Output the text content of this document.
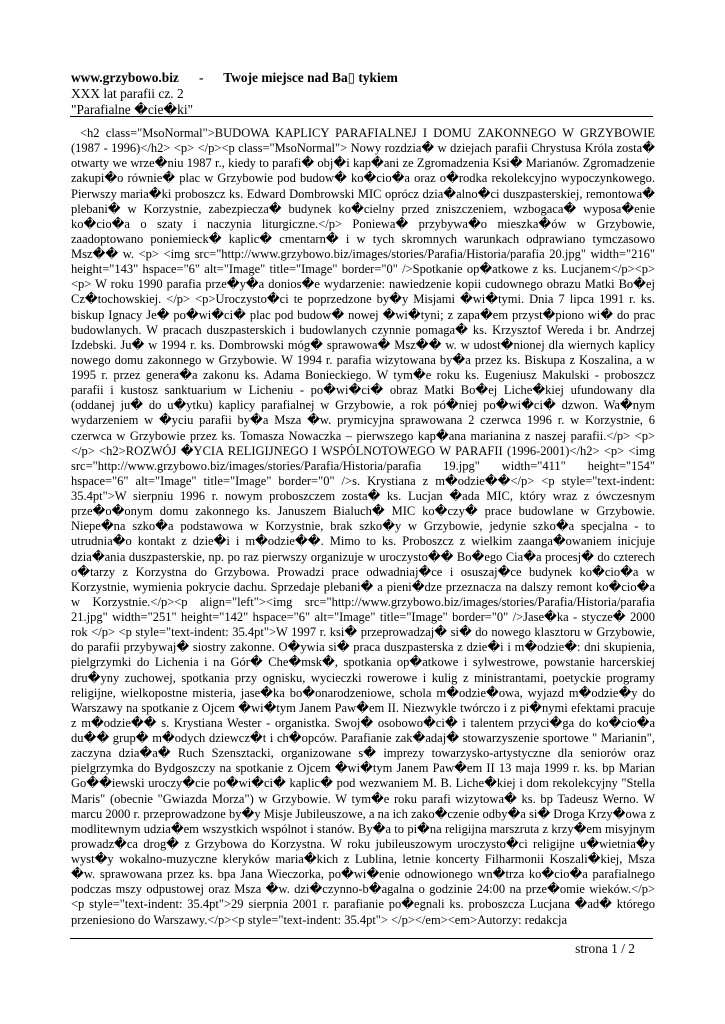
www.grzybowo.biz - Twoje miejsce nad Ba▯ tykiem
XXX lat parafii cz. 2
"Parafialne �cie�ki"

<h2 class="MsoNormal">BUDOWA KAPLICY PARAFIALNEJ I DOMU ZAKONNEGO W GRZYBOWIE (1987 - 1996)</h2> <p> </p><p class="MsoNormal"> Nowy rozdzia� w dziejach parafii Chrystusa Króla zosta� otwarty we wrze�niu 1987 r., kiedy to parafi� obj�i kap�ani ze Zgromadzenia Ksi� Marianów. Zgromadzenie zakupi�o równie� plac w Grzybowie pod budow� ko�cio�a oraz o�rodka rekolekcyjno wypoczynkowego. Pierwszy maria�ki proboszcz ks. Edward Dombrowski MIC oprócz dzia�alno�ci duszpasterskiej, remontowa� plebani� w Korzystnie, zabezpiecza� budynek ko�cielny przed zniszczeniem, wzbogaca� wyposa�enie ko�cio�a o szaty i naczynia liturgiczne.</p> Poniewa� przybywa�o mieszka�ów w Grzybowie, zaadoptowano poniemieck� kaplic� cmentarn� i w tych skromnych warunkach odprawiano tymczasowo Msz�� w. <p> <img src="http://www.grzybowo.biz/images/stories/Parafia/Historia/parafia 20.jpg" width="216" height="143" hspace="6" alt="Image" title="Image" border="0" />Spotkanie op�atkowe z ks. Lucjanem</p><p> <p> W roku 1990 parafia prze�y�a donios�e wydarzenie: nawiedzenie kopii cudownego obrazu Matki Bo�ej Cz�tochowskiej. </p> <p>Uroczysto�ci te poprzedzone by�y Misjami �wi�tymi. Dnia 7 lipca 1991 r. ks. biskup Ignacy Je� po�wi�ci� plac pod budow� nowej �wi�tyni; z zapa�em przyst�piono wi� do prac budowlanych. W pracach duszpasterskich i budowlanych czynnie pomaga� ks. Krzysztof Wereda i br. Andrzej Izdebski. Ju� w 1994 r. ks. Dombrowski móg� sprawowa� Msz�� w. w udost�nionej dla wiernych kaplicy nowego domu zakonnego w Grzybowie. W 1994 r. parafia wizytowana by�a przez ks. Biskupa z Koszalina, a w 1995 r. przez genera�a zakonu ks. Adama Bonieckiego. W tym�e roku ks. Eugeniusz Makulski - proboszcz parafii i kustosz sanktuarium w Licheniu - po�wi�ci� obraz Matki Bo�ej Liche�kiej ufundowany dla (oddanej ju� do u�ytku) kaplicy parafialnej w Grzybowie, a rok pó�niej po�wi�ci� dzwon. Wa�nym wydarzeniem w �yciu parafii by�a Msza �w. prymicyjna sprawowana 2 czerwca 1996 r. w Korzystnie, 6 czerwca w Grzybowie przez ks. Tomasza Nowaczka – pierwszego kap�ana marianina z naszej parafii.</p> <p> </p> <h2>ROZWÓJ �YCIA RELIGIJNEGO I WSPÓLNOTOWEGO W PARAFII (1996-2001)</h2> <p> <img src="http://www.grzybowo.biz/images/stories/Parafia/Historia/parafia 19.jpg" width="411" height="154" hspace="6" alt="Image" title="Image" border="0" />s. Krystiana z m�odzie��</p> <p style="text-indent: 35.4pt">W sierpniu 1996 r. nowym proboszczem zosta� ks. Lucjan �ada MIC, który wraz z ówczesnym prze�o�onym domu zakonnego ks. Januszem Bialuch� MIC ko�czy� prace budowlane w Grzybowie. Niepe�na szko�a podstawowa w Korzystnie, brak szko�y w Grzybowie, jedynie szko�a specjalna - to utrudnia�o kontakt z dzie�i i m�odzie��. Mimo to ks. Proboszcz z wielkim zaanga�owaniem inicjuje dzia�ania duszpasterskie, np. po raz pierwszy organizuje w uroczysto�� Bo�ego Cia�a procesj� do czterech o�tarzy z Korzystna do Grzybowa. Prowadzi prace odwadniaj�ce i osuszaj�ce budynek ko�cio�a w Korzystnie, wymienia pokrycie dachu. Sprzedaje plebani� a pieni�dze przeznacza na dalszy remont ko�cio�a w Korzystnie.</p><p align="left"><img src="http://www.grzybowo.biz/images/stories/Parafia/Historia/parafia 21.jpg" width="251" height="142" hspace="6" alt="Image" title="Image" border="0" />Jase�ka - stycze� 2000 rok </p> <p style="text-indent: 35.4pt">W 1997 r. ksi� przeprowadzaj� si� do nowego klasztoru w Grzybowie, do parafii przybywaj� siostry zakonne. O�ywia si� praca duszpasterska z dzie�i i m�odzie�: dni skupienia, pielgrzymki do Lichenia i na Gór� Che�msk�, spotkania op�atkowe i sylwestrowe, powstanie harcerskiej dru�yny zuchowej, spotkania przy ognisku, wycieczki rowerowe i kulig z ministrantami, poetyckie programy religijne, wielkopostne misteria, jase�ka bo�onarodzeniowe, schola m�odzie�owa, wyjazd m�odzie�y do Warszawy na spotkanie z Ojcem �wi�tym Janem Paw�em II. Niezwykle twórczo i z pi�nymi efektami pracuje z m�odzie�� s. Krystiana Wester - organistka. Swoj� osobowo�ci� i talentem przyci�ga do ko�cio�a du�� grup� m�odych dziewcz�t i ch�opców. Parafianie zak�adaj� stowarzyszenie sportowe " Marianin", zaczyna dzia�a� Ruch Szensztacki, organizowane s� imprezy towarzysko-artystyczne dla seniorów oraz pielgrzymka do Bydgoszczy na spotkanie z Ojcem �wi�tym Janem Paw�em II 13 maja 1999 r. ks. bp Marian Go��iewski uroczy�cie po�wi�ci� kaplic� pod wezwaniem M. B. Liche�kiej i dom rekolekcyjny "Stella Maris" (obecnie "Gwiazda Morza") w Grzybowie. W tym�e roku parafi wizytowa� ks. bp Tadeusz Werno. W marcu 2000 r. przeprowadzone by�y Misje Jubileuszowe, a na ich zako�czenie odby�a si� Droga Krzy�owa z modlitewnym udzia�em wszystkich wspólnot i stanów. By�a to pi�na religijna marszruta z krzy�em misyjnym prowadz�ca drog� z Grzybowa do Korzystna. W roku jubileuszowym uroczysto�ci religijne u�wietnia�y wyst�y wokalno-muzyczne kleryków maria�kich z Lublina, letnie koncerty Filharmonii Koszali�kiej, Msza �w. sprawowana przez ks. bpa Jana Wieczorka, po�wi�enie odnowionego wn�trza ko�cio�a parafialnego podczas mszy odpustowej oraz Msza �w. dzi�czynno-b�agalna o godzinie 24:00 na prze�omie wieków.</p> <p style="text-indent: 35.4pt">29 sierpnia 2001 r. parafianie po�egnali ks. proboszcza Lucjana �ad� którego przeniesiono do Warszawy.</p><p style="text-indent: 35.4pt"> </p></em><em>Autorzy: redakcja

strona 1 / 2
